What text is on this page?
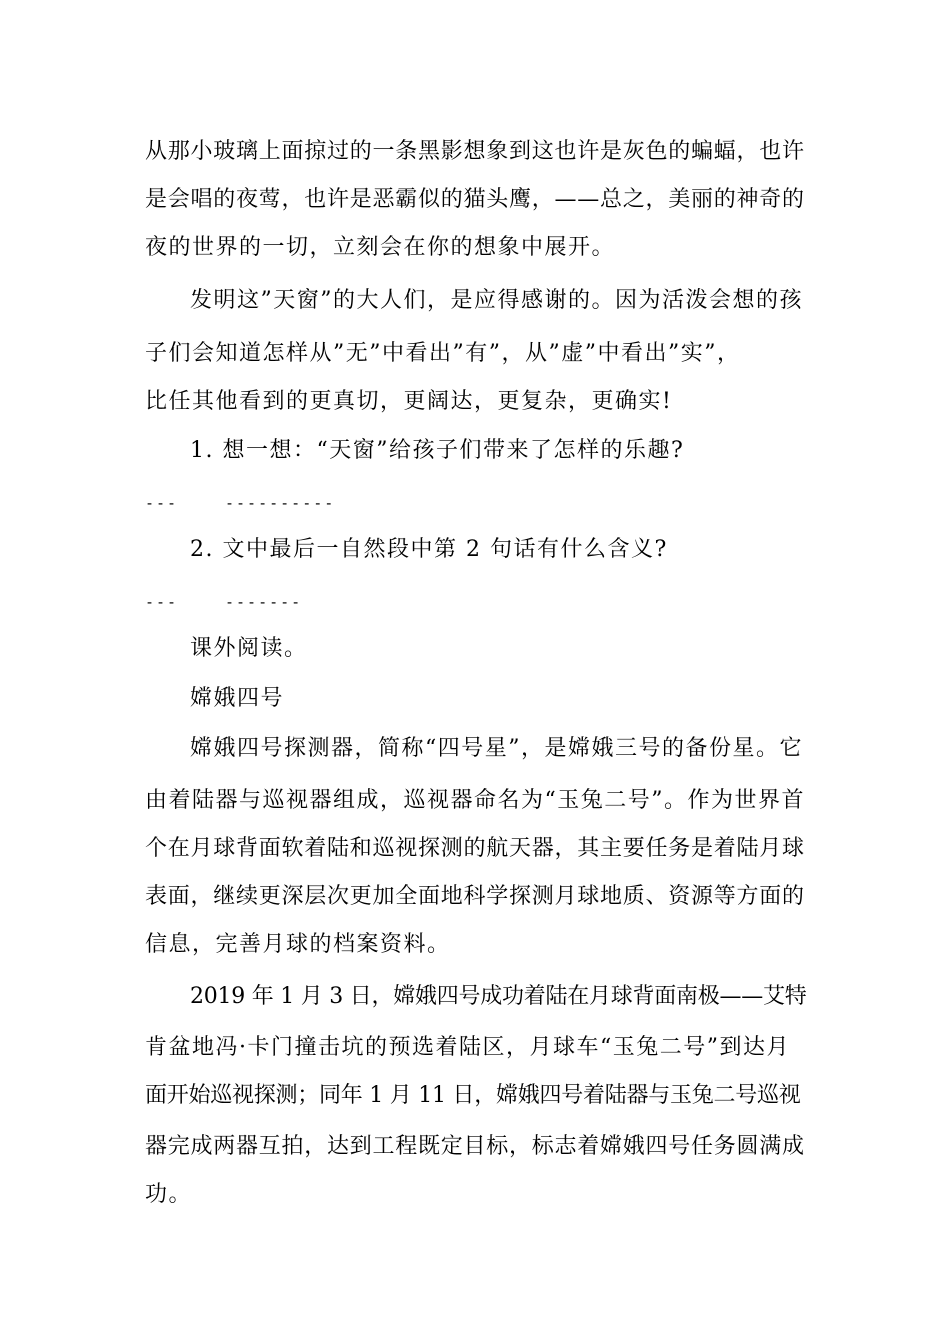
从那小玻璃上面掠过的一条黑影想象到这也许是灰色的蝙蝠，也许
是会唱的夜莺，也许是恶霸似的猫头鹰，——总之，美丽的神奇的
夜的世界的一切，立刻会在你的想象中展开。
发明这”天窗”的大人们，是应得感谢的。因为活泼会想的孩
子们会知道怎样从”无”中看出”有”，从”虚”中看出”实”，
比任其他看到的更真切，更阔达，更复杂，更确实!
1. 想一想：“天窗”给孩子们带来了怎样的乐趣?
---	----------
2. 文中最后一自然段中第 2 句话有什么含义?
---	-------
课外阅读。
嫦娥四号
嫦娥四号探测器，简称“四号星”，是嫦娥三号的备份星。它
由着陆器与巡视器组成，巡视器命名为“玉兔二号”。作为世界首
个在月球背面软着陆和巡视探测的航天器，其主要任务是着陆月球
表面，继续更深层次更加全面地科学探测月球地质、资源等方面的
信息，完善月球的档案资料。
2019 年 1 月 3 日，嫦娥四号成功着陆在月球背面南极——艾特
肯盆地冯·卡门撞击坑的预选着陆区，月球车“玉兔二号”到达月
面开始巡视探测；同年 1 月 11 日，嫦娥四号着陆器与玉兔二号巡视
器完成两器互拍，达到工程既定目标，标志着嫦娥四号任务圆满成
功。
